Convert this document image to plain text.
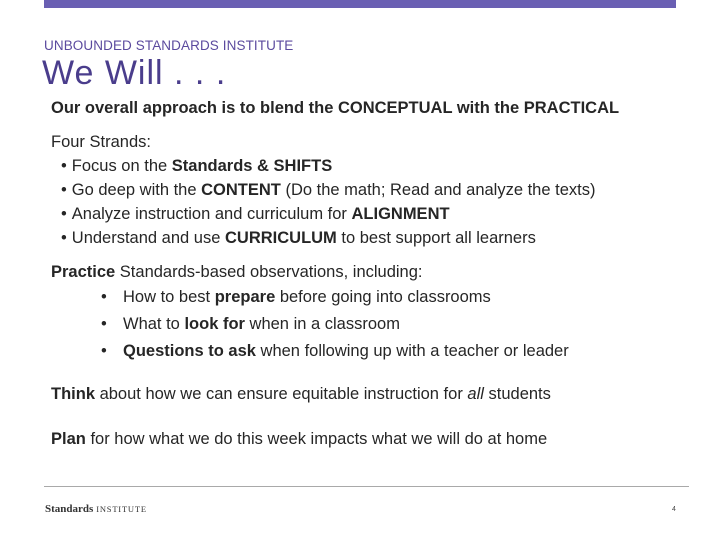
UNBOUNDED STANDARDS INSTITUTE
We Will . . .
Our overall approach is to blend the CONCEPTUAL with the PRACTICAL
Four Strands:
• Focus on the Standards & SHIFTS
• Go deep with the CONTENT (Do the math; Read and analyze the texts)
• Analyze instruction and curriculum for ALIGNMENT
• Understand and use CURRICULUM to best support all learners
Practice Standards-based observations, including:
• How to best prepare before going into classrooms
• What to look for when in a classroom
• Questions to ask when following up with a teacher or leader
Think about how we can ensure equitable instruction for all students
Plan for how what we do this week impacts what we will do at home
Standards INSTITUTE	4
